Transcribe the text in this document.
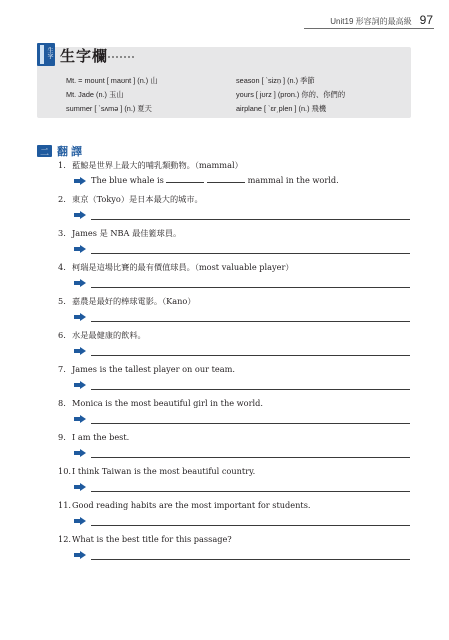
Unit19 形容詞的最高級 97
生字 生字欄
Mt. = mount [ maʊnt ] (n.) 山
Mt. Jade (n.) 玉山
summer [ ˋsʌmə ] (n.) 夏天
season [ ˋsizṇ ] (n.) 季節
yours [ jʊrz ] (pron.) 你的、你們的
airplane [ ˋɛr͵plen ] (n.) 飛機
二 翻譯
1. 藍鯨是世界上最大的哺乳類動物。（mammal）
The blue whale is	mammal in the world.
2. 東京（Tokyo）是日本最大的城市。
3. James 是 NBA 最佳籃球員。
4. 柯瑞是這場比賽的最有價值球員。（most valuable player）
5. 嘉農是最好的棒球電影。（Kano）
6. 水是最健康的飲料。
7. James is the tallest player on our team.
8. Monica is the most beautiful girl in the world.
9. I am the best.
10.I think Taiwan is the most beautiful country.
11.Good reading habits are the most important for students.
12.What is the best title for this passage?
